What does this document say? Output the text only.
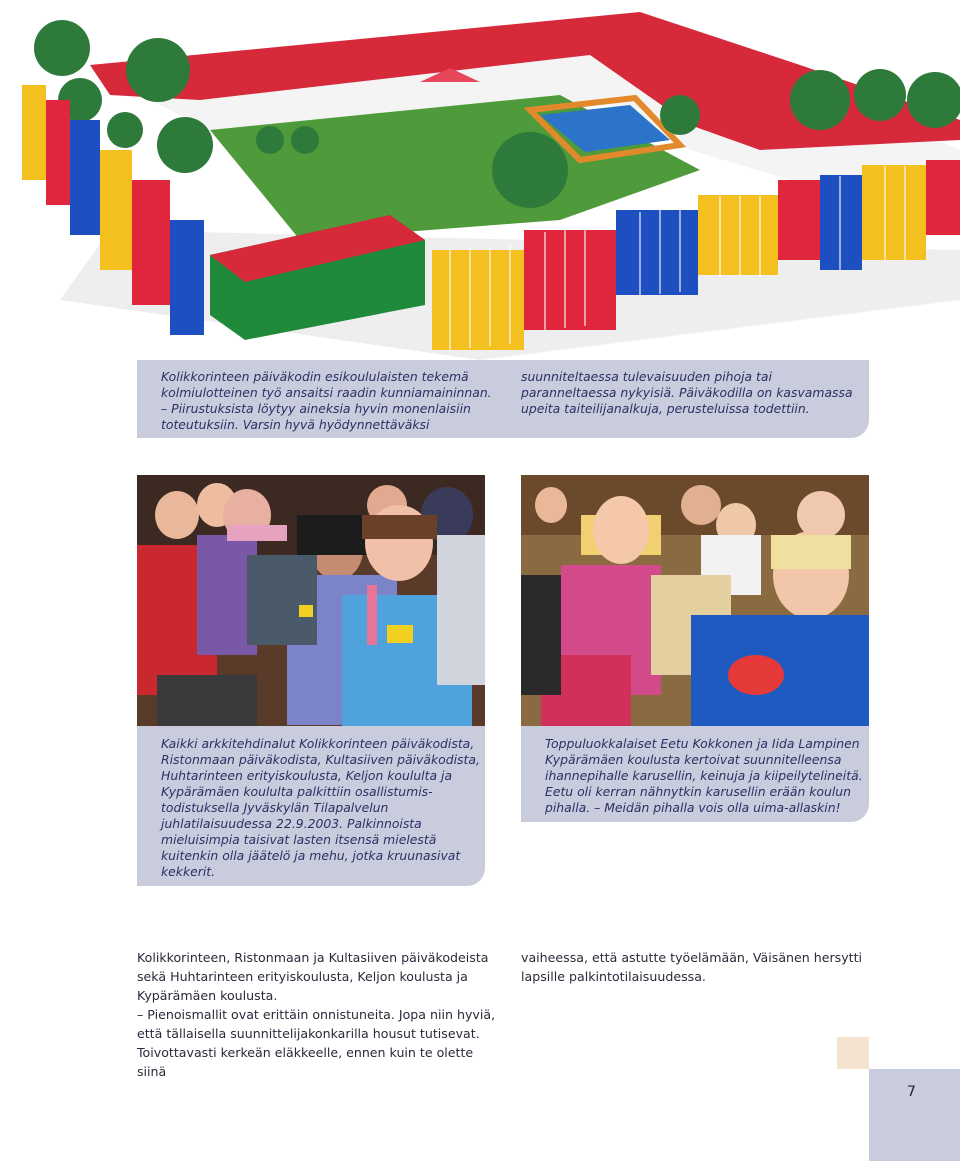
Kolikkorinteen päiväkodin esikoululaisten tekemä
kolmiulotteinen työ ansaitsi raadin kunniamaininnan.
– Piirustuksista löytyy aineksia hyvin monenlaisiin
toteutuksiin. Varsin hyvä hyödynnettäväksi

suunniteltaessa tulevaisuuden pihoja tai
paranneltaessa nykyisiä. Päiväkodilla on kasvamassa
upeita taiteilijanalkuja, perusteluissa todettiin.

Kaikki arkkitehdinalut Kolikkorinteen päiväkodista,
Ristonmaan päiväkodista, Kultasiiven päiväkodista,
Huhtarinteen erityiskoulusta, Keljon koululta ja
Kypärämäen koululta palkittiin osallistumis-
todistuksella Jyväskylän Tilapalvelun
juhlatilaisuudessa 22.9.2003. Palkinnoista
mieluisimpia taisivat lasten itsensä mielestä
kuitenkin olla jäätelö ja mehu, jotka kruunasivat
kekkerit.

Toppuluokkalaiset Eetu Kokkonen ja Iida Lampinen
Kypärämäen koulusta kertoivat suunnitelleensa
ihannepihalle karusellin, keinuja ja kiipeilytelineitä.
Eetu oli kerran nähnytkin karusellin erään koulun
pihalla. – Meidän pihalla vois olla uima-allaskin!

Kolikkorinteen, Ristonmaan ja Kultasiiven päiväkodeista
sekä Huhtarinteen erityiskoulusta, Keljon koulusta ja
Kypärämäen koulusta.
– Pienoismallit ovat erittäin onnistuneita. Jopa niin hyviä,
että tällaisella suunnittelijakonkarilla housut tutisevat.
Toivottavasti kerkeän eläkkeelle, ennen kuin te olette siinä
vaiheessa, että astutte työelämään, Väisänen hersytti
lapsille palkintotilaisuudessa.
7
